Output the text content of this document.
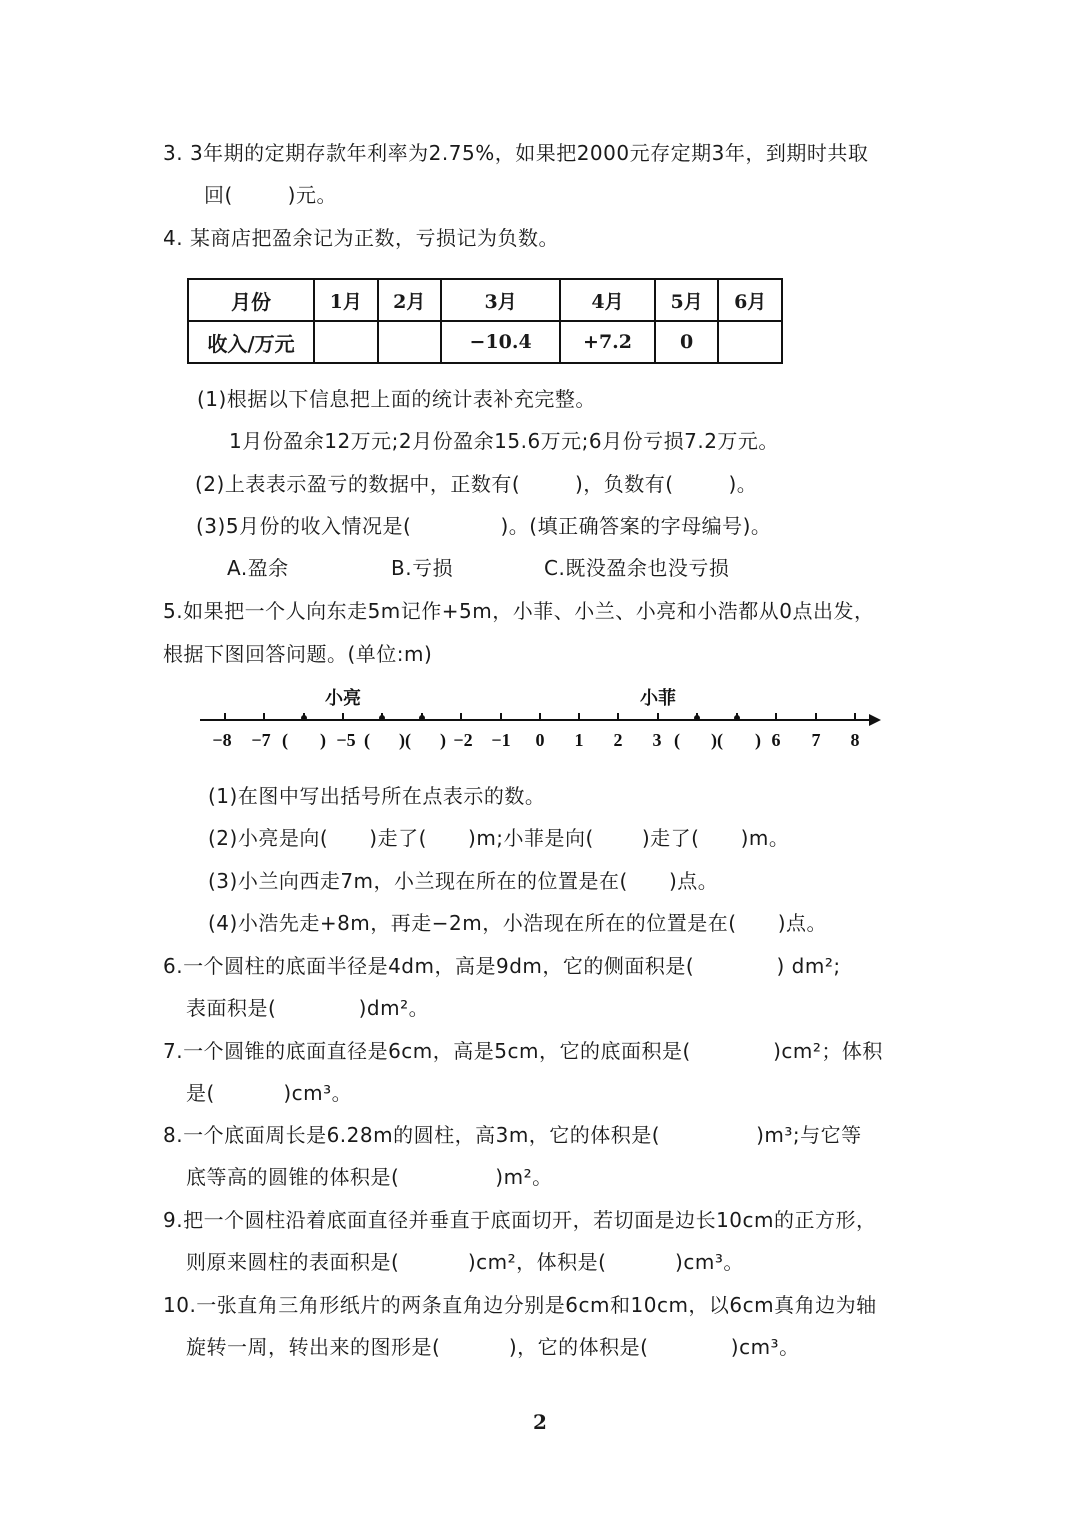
3. 3年期的定期存款年利率为2.75%，如果把2000元存定期3年，到期时共取
回(        )元。
4. 某商店把盈余记为正数，亏损记为负数。
月份	1月	2月	3月	4月	5月	6月
收入/万元			−10.4	+7.2	0	
(1)根据以下信息把上面的统计表补充完整。
1月份盈余12万元;2月份盈余15.6万元;6月份亏损7.2万元。
(2)上表表示盈亏的数据中，正数有(        )，负数有(        )。
(3)5月份的收入情况是(             )。(填正确答案的字母编号)。
A.盈余	B.亏损	C.既没盈余也没亏损
5.如果把一个人向东走5m记作+5m，小菲、小兰、小亮和小浩都从0点出发，
根据下图回答问题。(单位:m)
−8 −7 ( ) −5 ( )( ) −2 −1 0 1 2 3 ( )( ) 6 7 8
小亮	小菲
(1)在图中写出括号所在点表示的数。
(2)小亮是向(      )走了(      )m;小菲是向(       )走了(      )m。
(3)小兰向西走7m，小兰现在所在的位置是在(      )点。
(4)小浩先走+8m，再走−2m，小浩现在所在的位置是在(      )点。
6.一个圆柱的底面半径是4dm，高是9dm，它的侧面积是(            ) dm²;
表面积是(            )dm²。
7.一个圆锥的底面直径是6cm，高是5cm，它的底面积是(            )cm²；体积
是(          )cm³。
8.一个底面周长是6.28m的圆柱，高3m，它的体积是(              )m³;与它等
底等高的圆锥的体积是(              )m²。
9.把一个圆柱沿着底面直径并垂直于底面切开，若切面是边长10cm的正方形，
则原来圆柱的表面积是(          )cm²，体积是(          )cm³。
10.一张直角三角形纸片的两条直角边分别是6cm和10cm，以6cm真角边为轴
旋转一周，转出来的图形是(          )，它的体积是(            )cm³。
2
